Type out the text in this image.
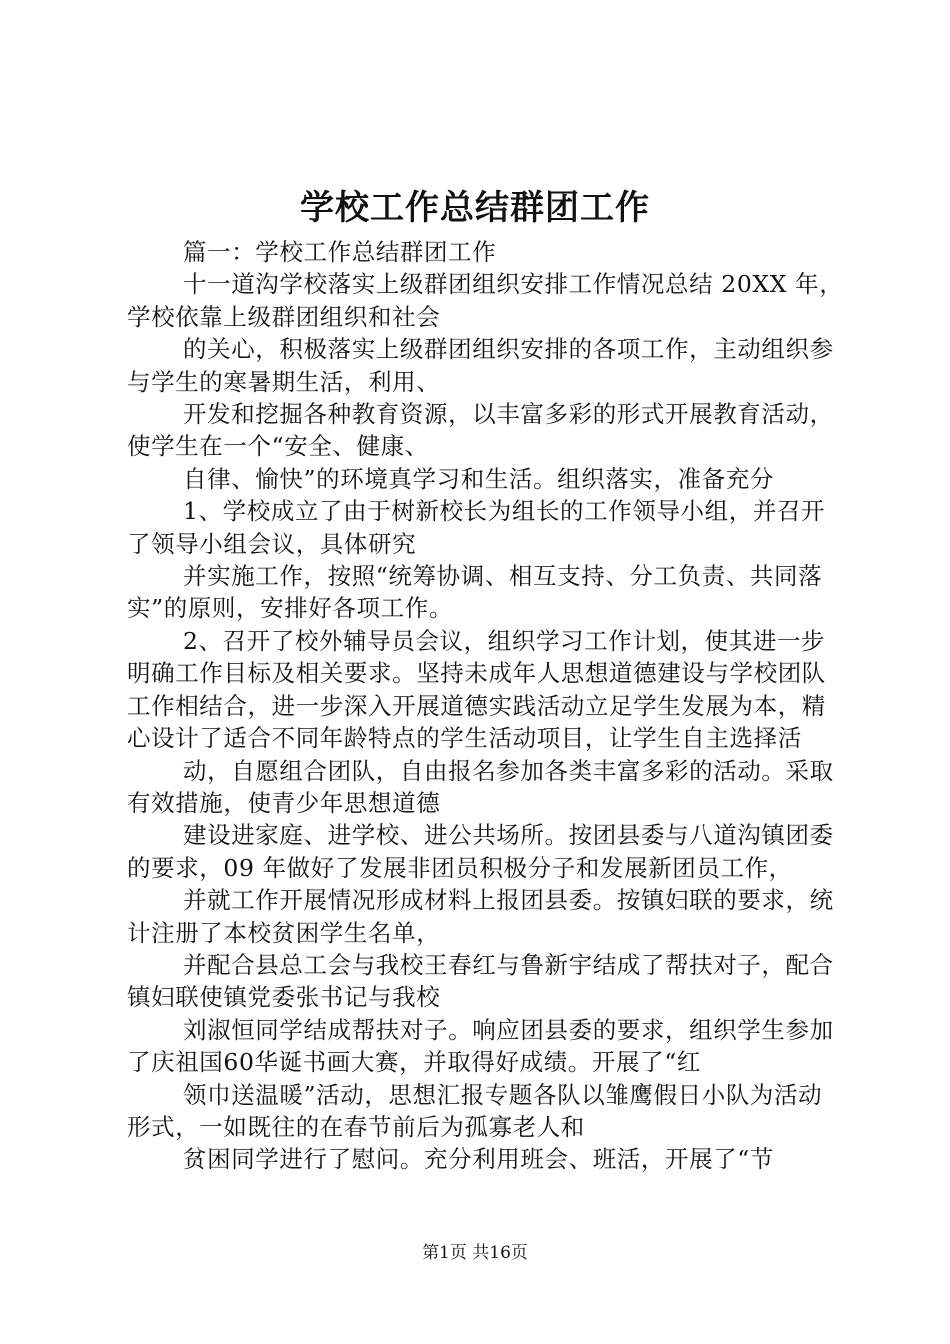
学校工作总结群团工作

篇一：学校工作总结群团工作

十一道沟学校落实上级群团组织安排工作情况总结 20XX 年，学校依靠上级群团组织和社会

的关心，积极落实上级群团组织安排的各项工作，主动组织参与学生的寒暑期生活，利用、

开发和挖掘各种教育资源，以丰富多彩的形式开展教育活动，使学生在一个“安全、健康、

自律、愉快”的环境真学习和生活。组织落实，准备充分

1、学校成立了由于树新校长为组长的工作领导小组，并召开了领导小组会议，具体研究

并实施工作，按照“统筹协调、相互支持、分工负责、共同落实”的原则，安排好各项工作。

2、召开了校外辅导员会议，组织学习工作计划，使其进一步明确工作目标及相关要求。坚持未成年人思想道德建设与学校团队工作相结合，进一步深入开展道德实践活动立足学生发展为本，精心设计了适合不同年龄特点的学生活动项目，让学生自主选择活

动，自愿组合团队，自由报名参加各类丰富多彩的活动。采取有效措施，使青少年思想道德

建设进家庭、进学校、进公共场所。按团县委与八道沟镇团委的要求，09 年做好了发展非团员积极分子和发展新团员工作，

并就工作开展情况形成材料上报团县委。按镇妇联的要求，统计注册了本校贫困学生名单，

并配合县总工会与我校王春红与鲁新宇结成了帮扶对子，配合镇妇联使镇党委张书记与我校

刘淑恒同学结成帮扶对子。响应团县委的要求，组织学生参加了庆祖国60华诞书画大赛，并取得好成绩。开展了“红

领巾送温暖”活动，思想汇报专题各队以雏鹰假日小队为活动形式，一如既往的在春节前后为孤寡老人和

贫困同学进行了慰问。充分利用班会、班活，开展了“节

第1页 共16页
